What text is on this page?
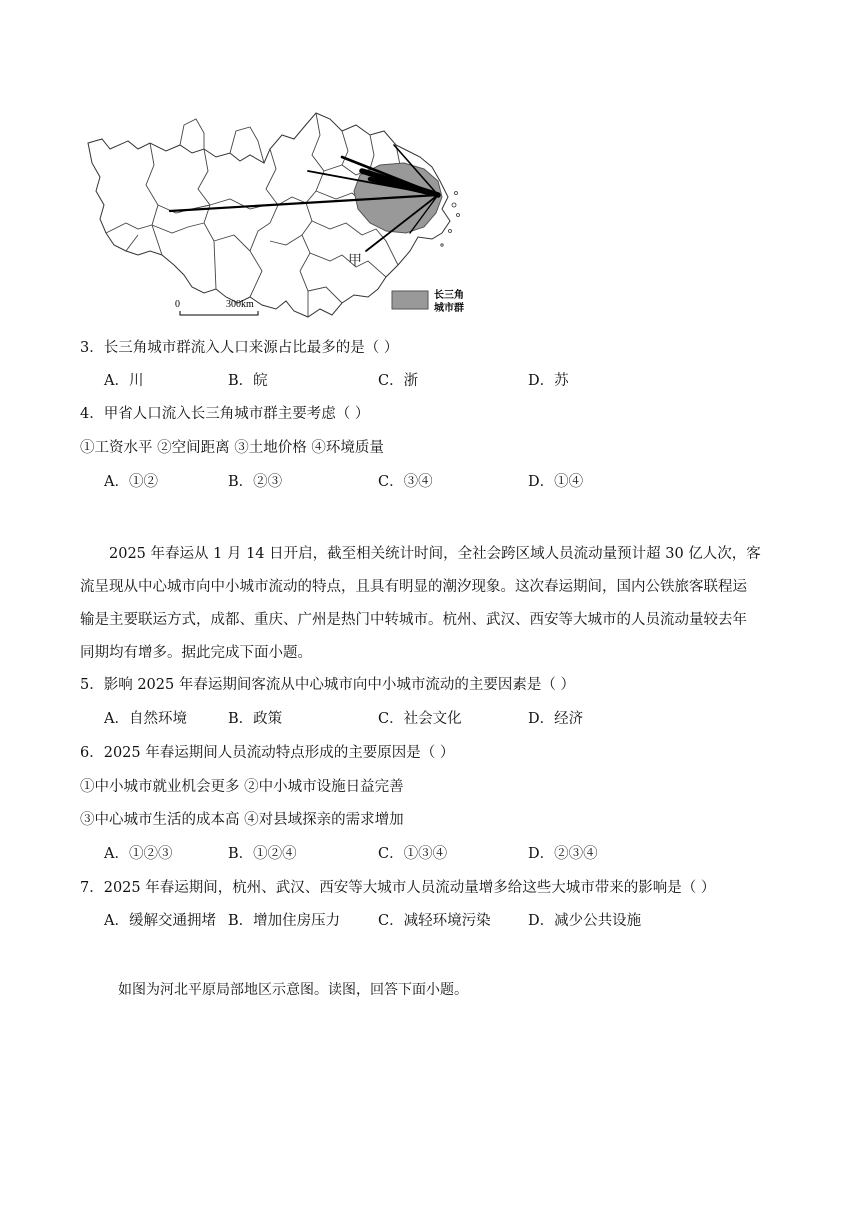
甲
0	300km
长三角
城市群
3．长三角城市群流入人口来源占比最多的是（ ）
A．川	B．皖	C．浙	D．苏
4．甲省人口流入长三角城市群主要考虑（ ）
①工资水平 ②空间距离 ③土地价格 ④环境质量
A．①②	B．②③	C．③④	D．①④
2025 年春运从 1 月 14 日开启，截至相关统计时间，全社会跨区域人员流动量预计超 30 亿人次，客
流呈现从中心城市向中小城市流动的特点，且具有明显的潮汐现象。这次春运期间，国内公铁旅客联程运
输是主要联运方式，成都、重庆、广州是热门中转城市。杭州、武汉、西安等大城市的人员流动量较去年
同期均有增多。据此完成下面小题。
5．影响 2025 年春运期间客流从中心城市向中小城市流动的主要因素是（ ）
A．自然环境	B．政策	C．社会文化	D．经济
6．2025 年春运期间人员流动特点形成的主要原因是（ ）
①中小城市就业机会更多 ②中小城市设施日益完善
③中心城市生活的成本高 ④对县域探亲的需求增加
A．①②③	B．①②④	C．①③④	D．②③④
7．2025 年春运期间，杭州、武汉、西安等大城市人员流动量增多给这些大城市带来的影响是（ ）
A．缓解交通拥堵 B．增加住房压力	C．减轻环境污染	D．减少公共设施
如图为河北平原局部地区示意图。读图，回答下面小题。
